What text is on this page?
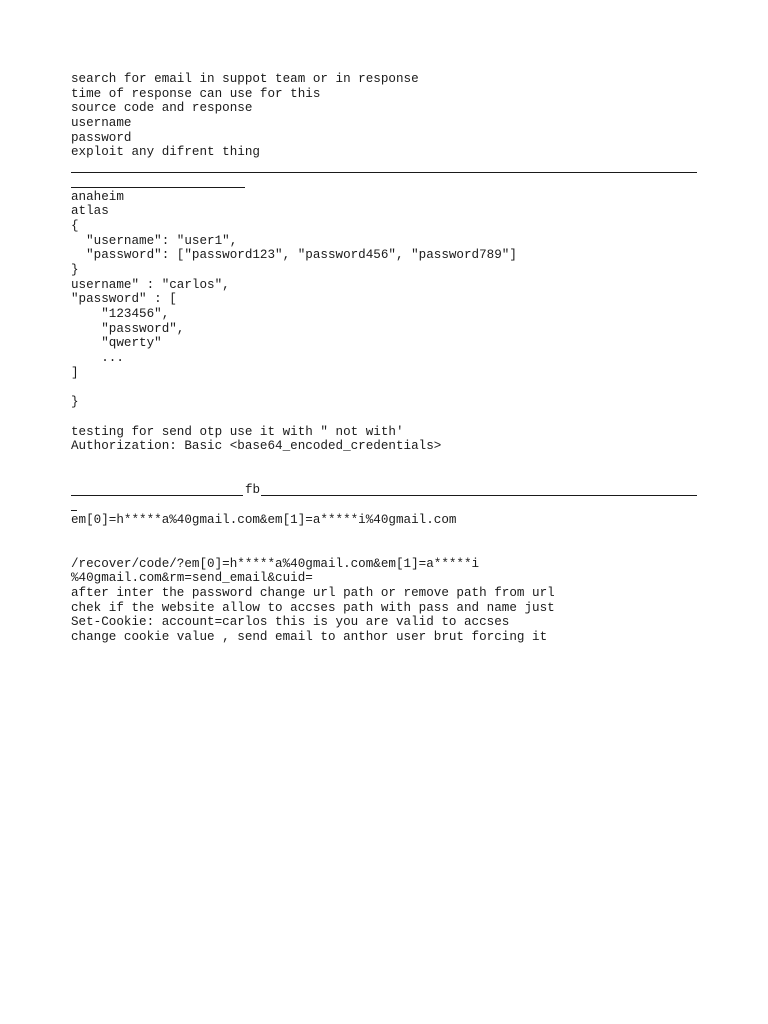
search for email in suppot team or in response
time of response can use for this
source code and response
username
password
exploit any difrent thing
anaheim
atlas
{
"username": "user1",
"password": ["password123", "password456", "password789"]
}
username" : "carlos",
"password" : [
"123456",
"password",
"qwerty"
...
]
}
testing for send otp use it with " not with'
Authorization: Basic <base64_encoded_credentials>
fb
em[0]=h*****a%40gmail.com&em[1]=a*****i%40gmail.com
/recover/code/?em[0]=h*****a%40gmail.com&em[1]=a*****i
%40gmail.com&rm=send_email&cuid=
after inter the password change url path or remove path from url
chek if the website allow to accses path with pass and name just
Set-Cookie: account=carlos this is you are valid to accses
change cookie value , send email to anthor user brut forcing it
